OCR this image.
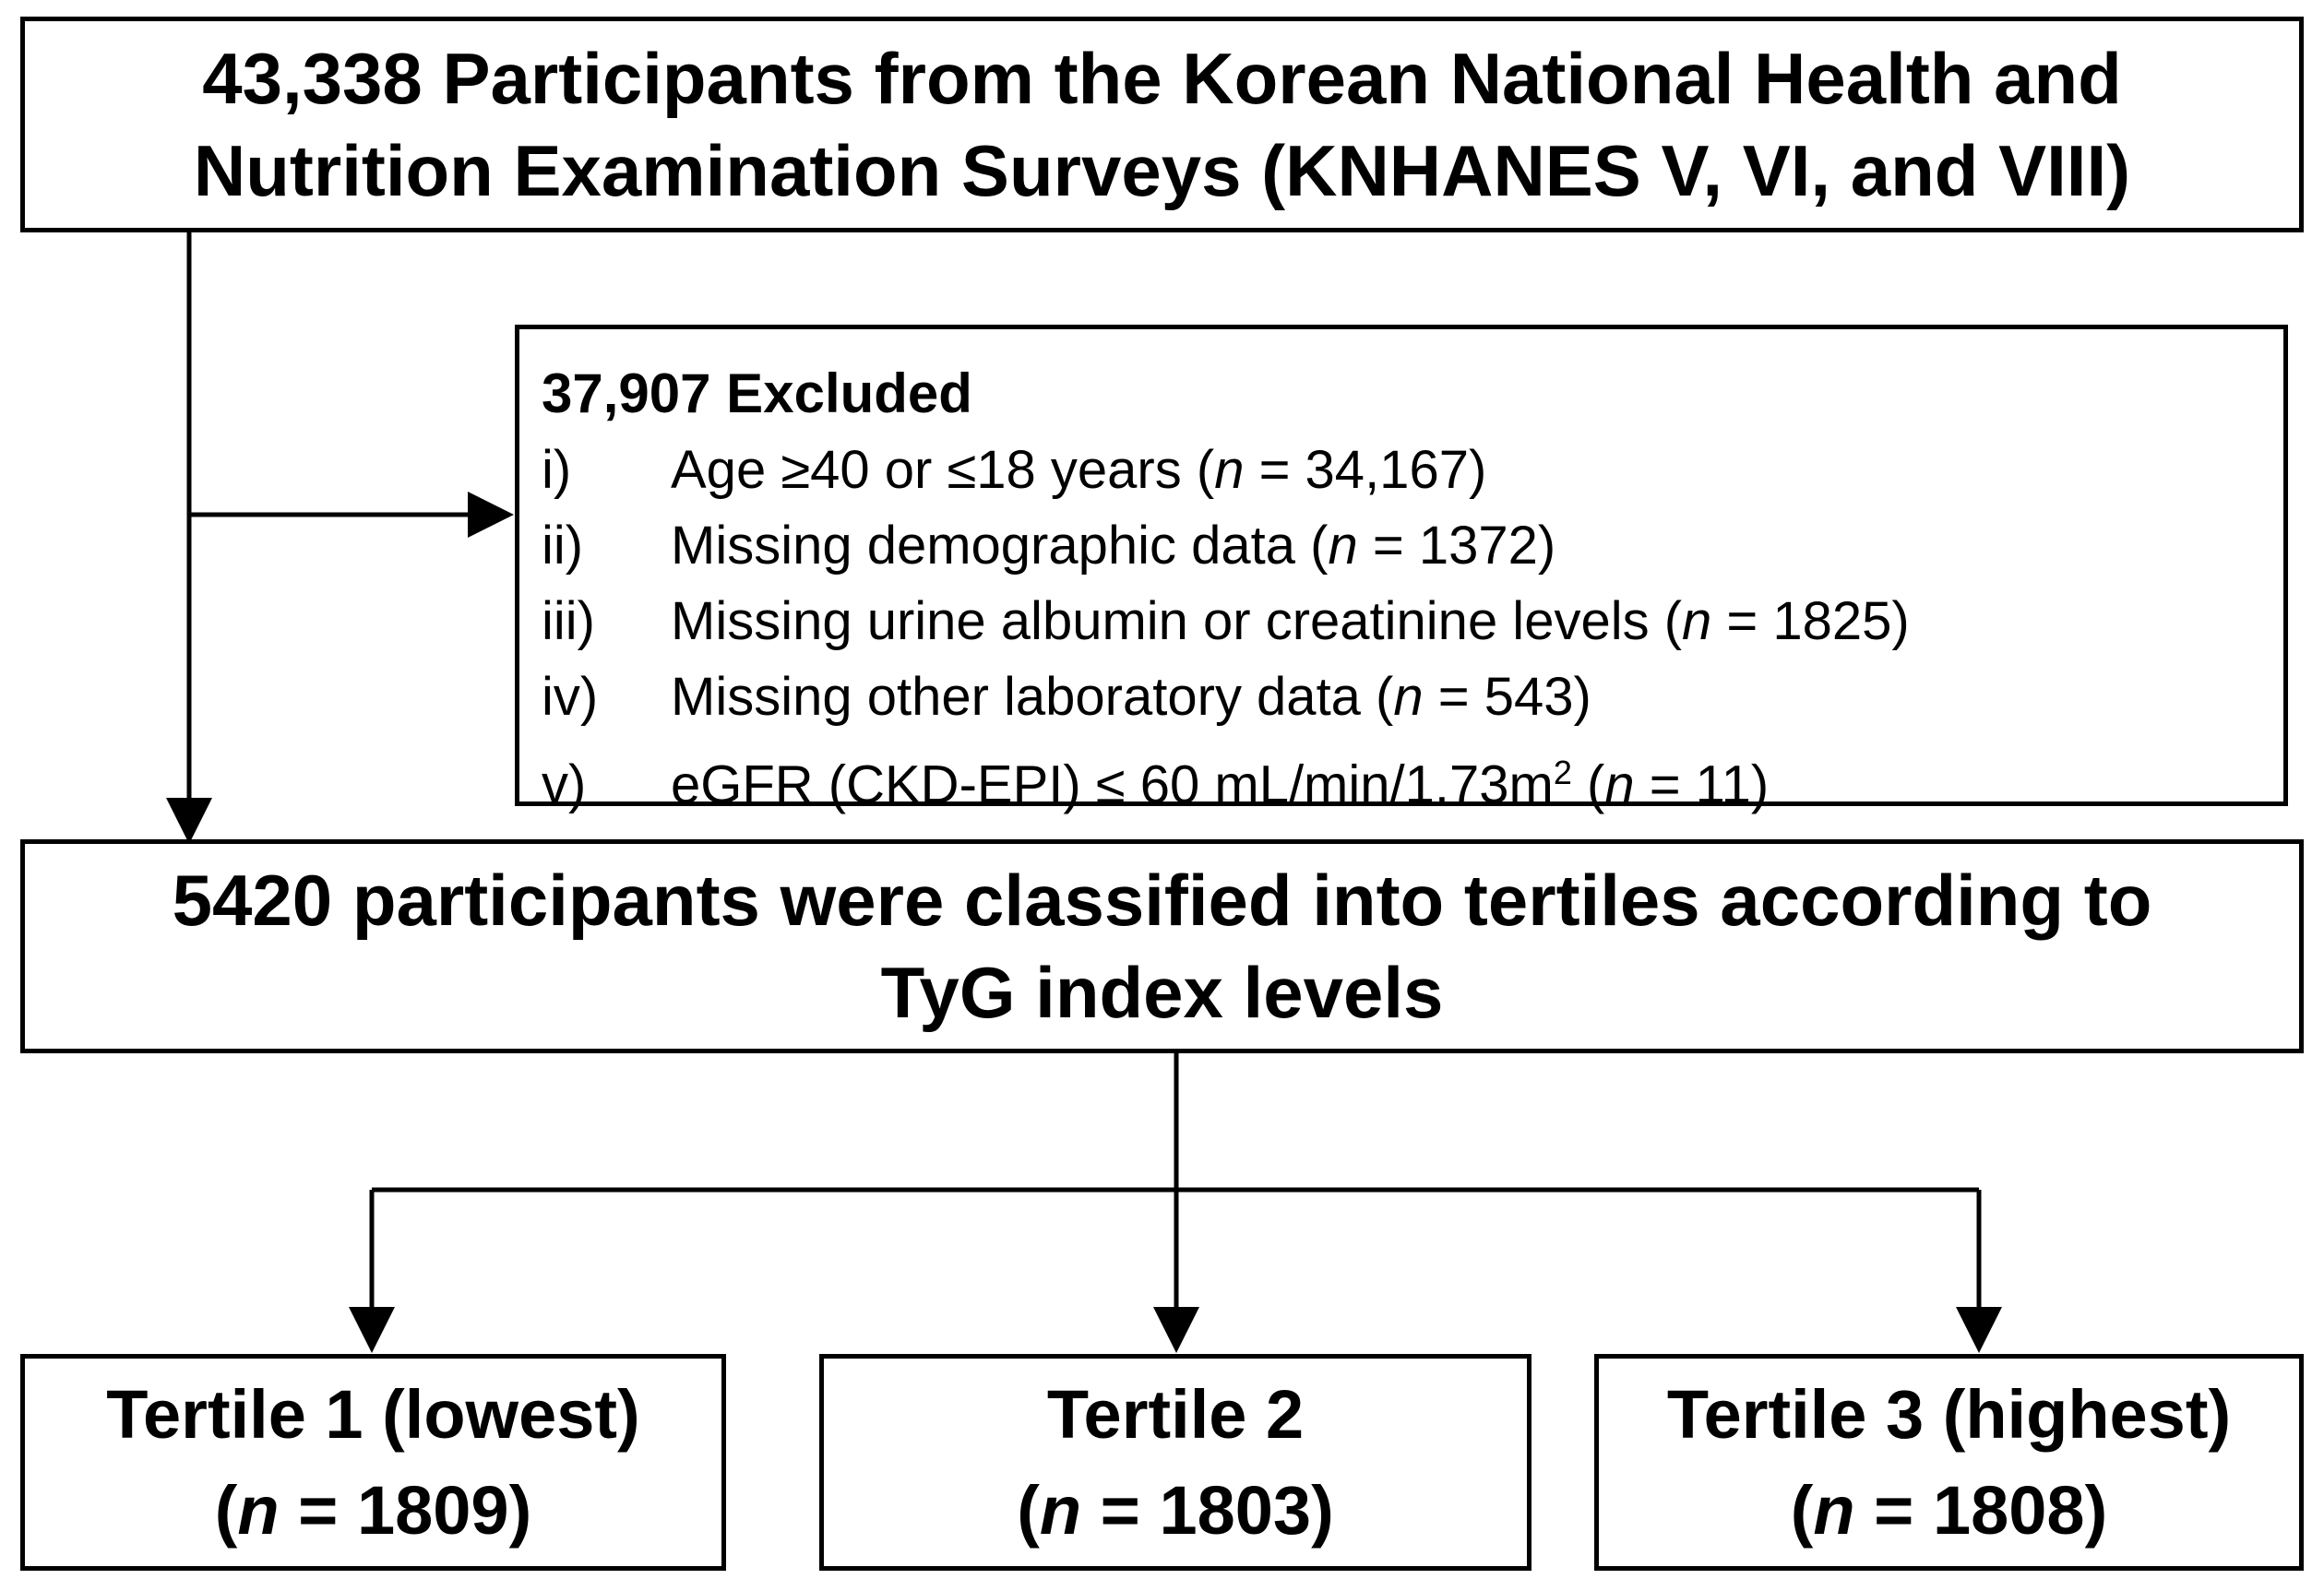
43,338 Participants from the Korean National Health and
Nutrition Examination Surveys (KNHANES V, VI, and VIII)
37,907 Excluded
i) Age ≥40 or ≤18 years (n = 34,167)
ii) Missing demographic data (n = 1372)
iii) Missing urine albumin or creatinine levels (n = 1825)
iv) Missing other laboratory data (n = 543)
v) eGFR (CKD-EPI) ≤ 60 $mL/\min/1.73m^2$ (n = 11)
5420 participants were classified into tertiles according to
TyG index levels
Tertile 1 (lowest)
(n = 1809)
Tertile 2
(n = 1803)
Tertile 3 (highest)
(n = 1808)
